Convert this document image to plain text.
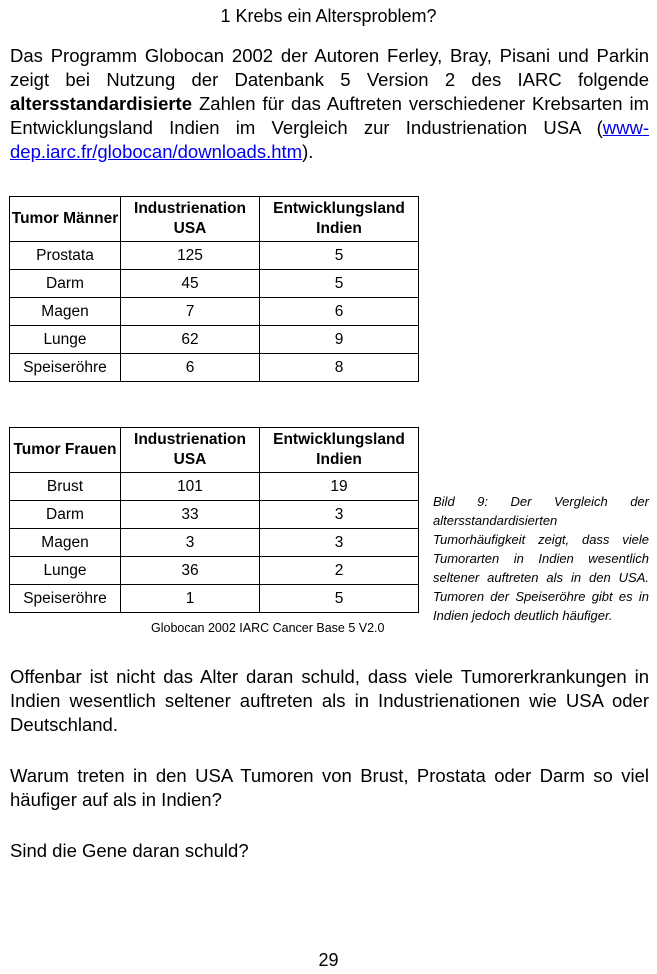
1 Krebs ein Altersproblem?

Das Programm Globocan 2002 der Autoren Ferley, Bray, Pisani und Parkin zeigt bei Nutzung der Datenbank 5 Version 2 des IARC folgende altersstandardisierte Zahlen für das Auftreten verschiedener Krebsarten im Entwicklungsland Indien im Vergleich zur Industrienation USA (www-dep.iarc.fr/globocan/downloads.htm).

Tumor Männer	Industrienation USA	Entwicklungsland Indien
Prostata	125	5
Darm	45	5
Magen	7	6
Lunge	62	9
Speiseröhre	6	8
Tumor Frauen	Industrienation USA	Entwicklungsland Indien
Brust	101	19
Darm	33	3
Magen	3	3
Lunge	36	2
Speiseröhre	1	5
Globocan 2002 IARC Cancer Base 5 V2.0

Bild 9: Der Vergleich der altersstandardisierten Tumorhäufigkeit zeigt, dass viele Tumorarten in Indien wesentlich seltener auftreten als in den USA. Tumoren der Speiseröhre gibt es in Indien jedoch deutlich häufiger.

Offenbar ist nicht das Alter daran schuld, dass viele Tumorerkrankungen in Indien wesentlich seltener auftreten als in Industrienationen wie USA oder Deutschland.

Warum treten in den USA Tumoren von Brust, Prostata oder Darm so viel häufiger auf als in Indien?

Sind die Gene daran schuld?

29
